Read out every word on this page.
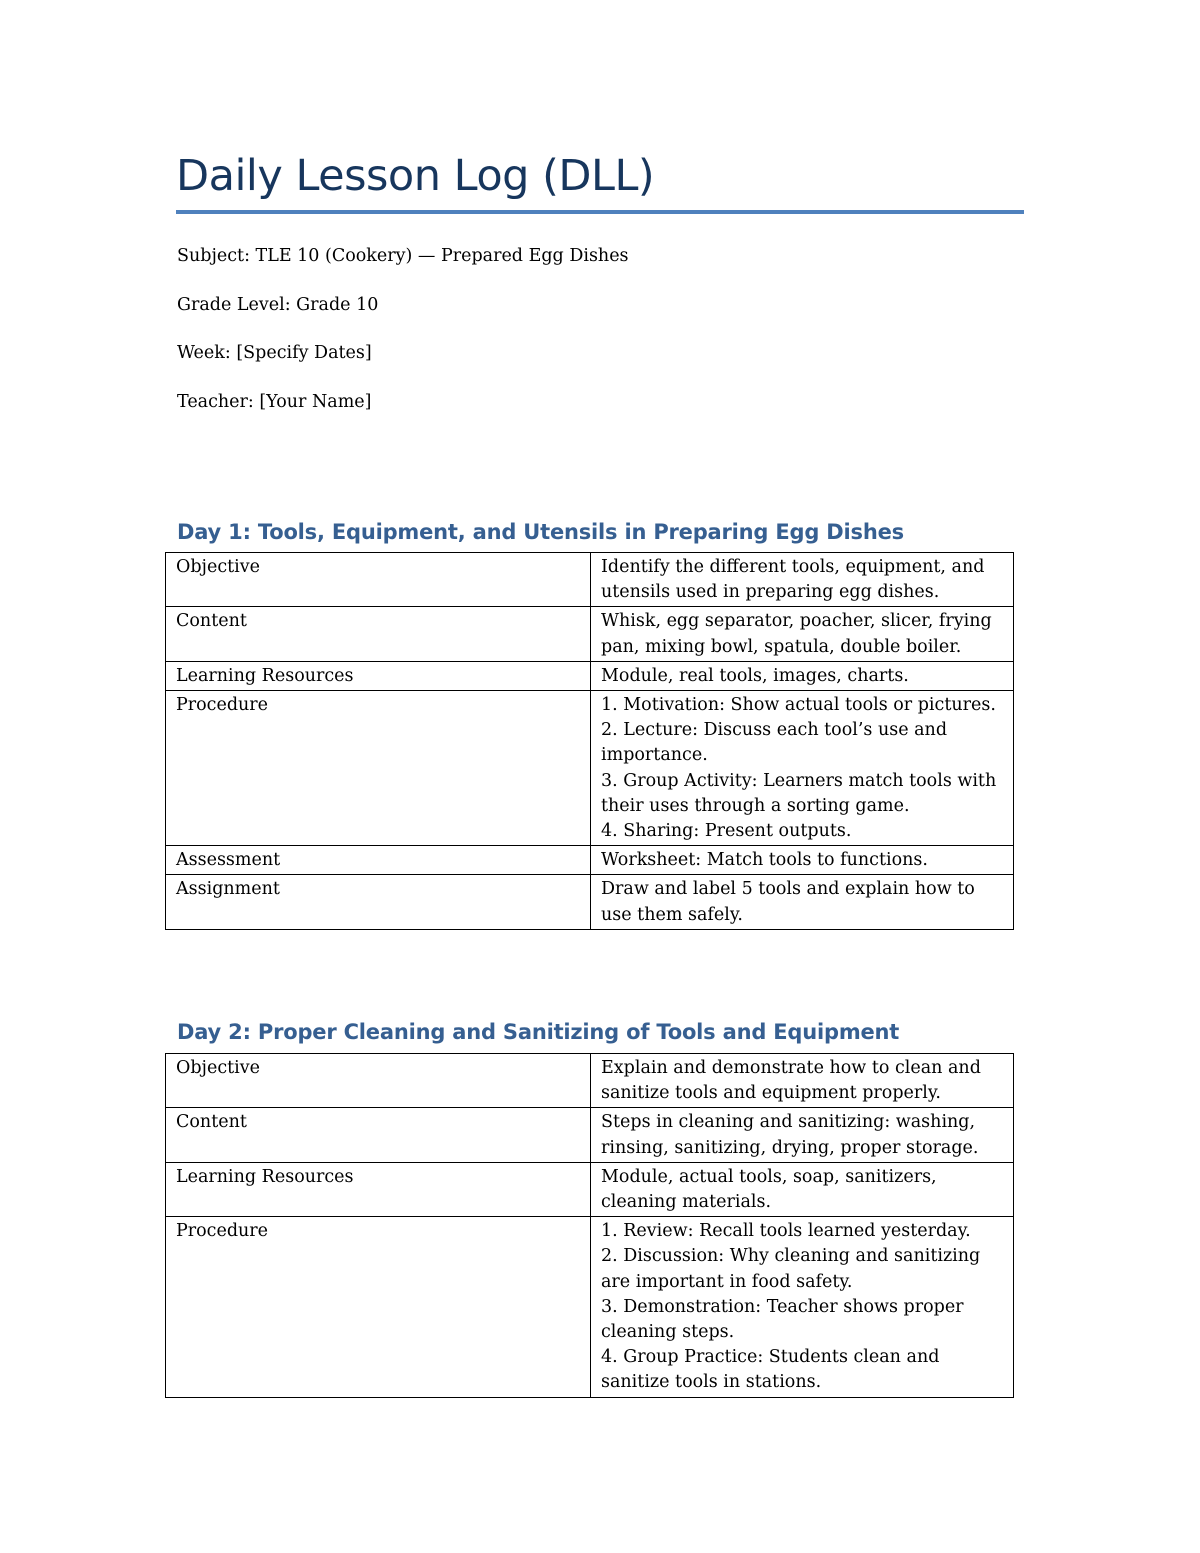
Daily Lesson Log (DLL)

Subject: TLE 10 (Cookery) — Prepared Egg Dishes

Grade Level: Grade 10

Week: [Specify Dates]

Teacher: [Your Name]

Day 1: Tools, Equipment, and Utensils in Preparing Egg Dishes
Objective	Identify the different tools, equipment, and utensils used in preparing egg dishes.
Content	Whisk, egg separator, poacher, slicer, frying pan, mixing bowl, spatula, double boiler.
Learning Resources	Module, real tools, images, charts.
Procedure	1. Motivation: Show actual tools or pictures.
2. Lecture: Discuss each tool’s use and importance.
3. Group Activity: Learners match tools with their uses through a sorting game.
4. Sharing: Present outputs.

Assessment	Worksheet: Match tools to functions.
Assignment	Draw and label 5 tools and explain how to use them safely.
Day 2: Proper Cleaning and Sanitizing of Tools and Equipment
Objective	Explain and demonstrate how to clean and sanitize tools and equipment properly.
Content	Steps in cleaning and sanitizing: washing, rinsing, sanitizing, drying, proper storage.
Learning Resources	Module, actual tools, soap, sanitizers, cleaning materials.
Procedure	1. Review: Recall tools learned yesterday.
2. Discussion: Why cleaning and sanitizing are important in food safety.
3. Demonstration: Teacher shows proper cleaning steps.
4. Group Practice: Students clean and sanitize tools in stations.
